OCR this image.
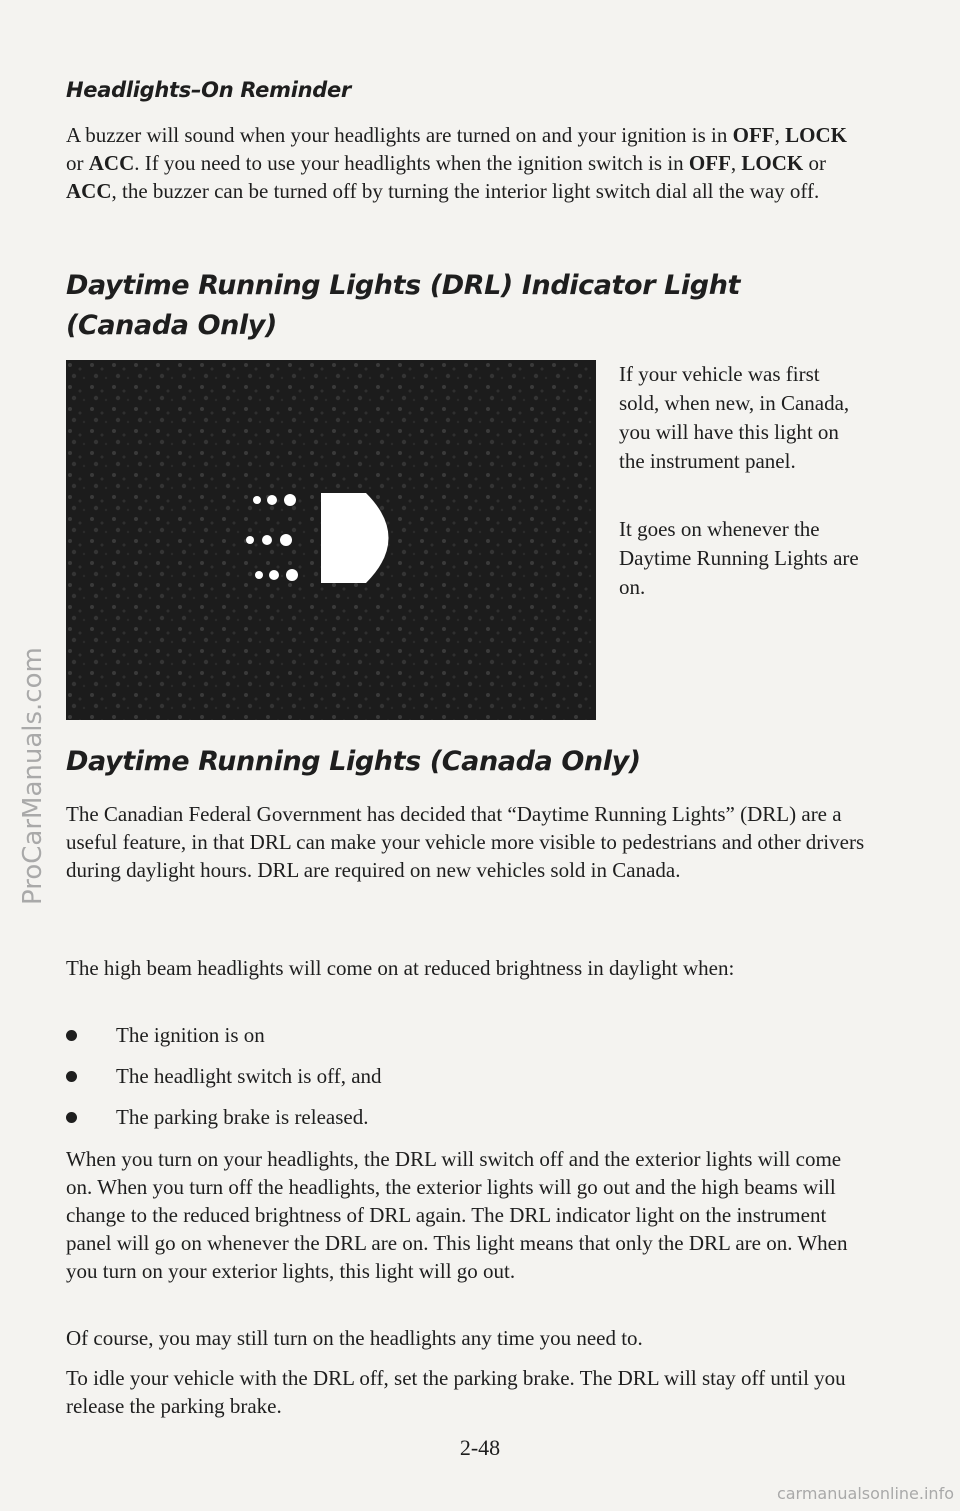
Headlights–On Reminder

A buzzer will sound when your headlights are turned on and your ignition is in OFF, LOCK or ACC. If you need to use your headlights when the ignition switch is in OFF, LOCK or ACC, the buzzer can be turned off by turning the interior light switch dial all the way off.

Daytime Running Lights (DRL) Indicator Light
(Canada Only)

If your vehicle was first sold, when new, in Canada, you will have this light on the instrument panel.

It goes on whenever the Daytime Running Lights are on.

Daytime Running Lights (Canada Only)

The Canadian Federal Government has decided that “Daytime Running Lights” (DRL) are a useful feature, in that DRL can make your vehicle more visible to pedestrians and other drivers during daylight hours. DRL are required on new vehicles sold in Canada.

The high beam headlights will come on at reduced brightness in daylight when:

The ignition is on
The headlight switch is off, and
The parking brake is released.

When you turn on your headlights, the DRL will switch off and the exterior lights will come on. When you turn off the headlights, the exterior lights will go out and the high beams will change to the reduced brightness of DRL again. The DRL indicator light on the instrument panel will go on whenever the DRL are on. This light means that only the DRL are on. When you turn on your exterior lights, this light will go out.

Of course, you may still turn on the headlights any time you need to.

To idle your vehicle with the DRL off, set the parking brake. The DRL will stay off until you release the parking brake.

2-48
ProCarManuals.com
carmanualsonline.info
